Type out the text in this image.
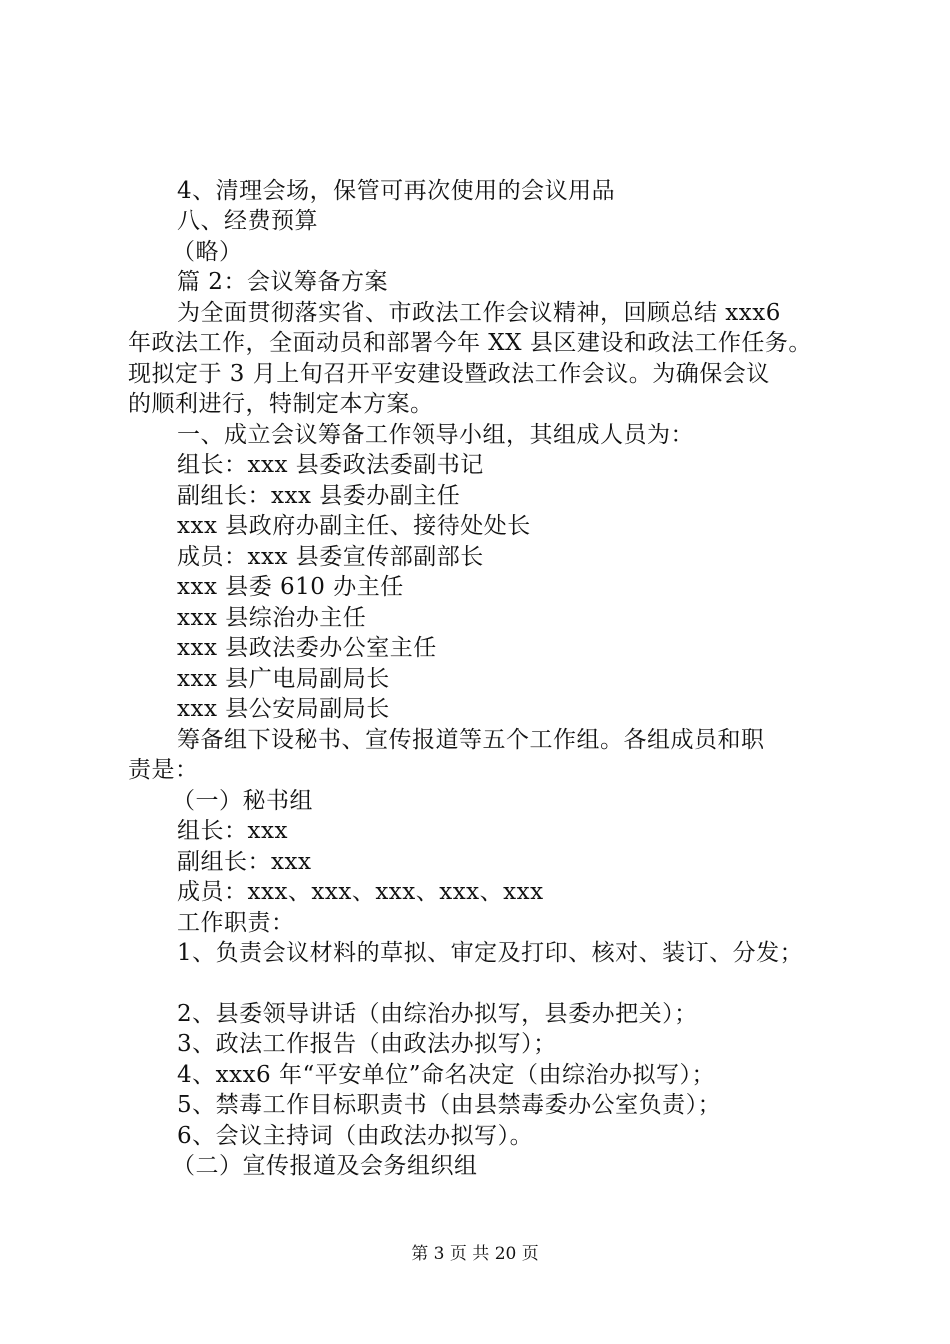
4、清理会场，保管可再次使用的会议用品
八、经费预算
（略）
篇 2：会议筹备方案
为全面贯彻落实省、市政法工作会议精神，回顾总结 xxx6
年政法工作，全面动员和部署今年 XX 县区建设和政法工作任务。
现拟定于 3 月上旬召开平安建设暨政法工作会议。为确保会议
的顺利进行，特制定本方案。
一、成立会议筹备工作领导小组，其组成人员为：
组长：xxx 县委政法委副书记
副组长：xxx 县委办副主任
xxx 县政府办副主任、接待处处长
成员：xxx 县委宣传部副部长
xxx 县委 610 办主任
xxx 县综治办主任
xxx 县政法委办公室主任
xxx 县广电局副局长
xxx 县公安局副局长
筹备组下设秘书、宣传报道等五个工作组。各组成员和职
责是：
（一）秘书组
组长：xxx
副组长：xxx
成员：xxx、xxx、xxx、xxx、xxx
工作职责：
1、负责会议材料的草拟、审定及打印、核对、装订、分发；
2、县委领导讲话（由综治办拟写，县委办把关）；
3、政法工作报告（由政法办拟写）；
4、xxx6 年“平安单位”命名决定（由综治办拟写）；
5、禁毒工作目标职责书（由县禁毒委办公室负责）；
6、会议主持词（由政法办拟写）。
（二）宣传报道及会务组织组
第 3 页 共 20 页
